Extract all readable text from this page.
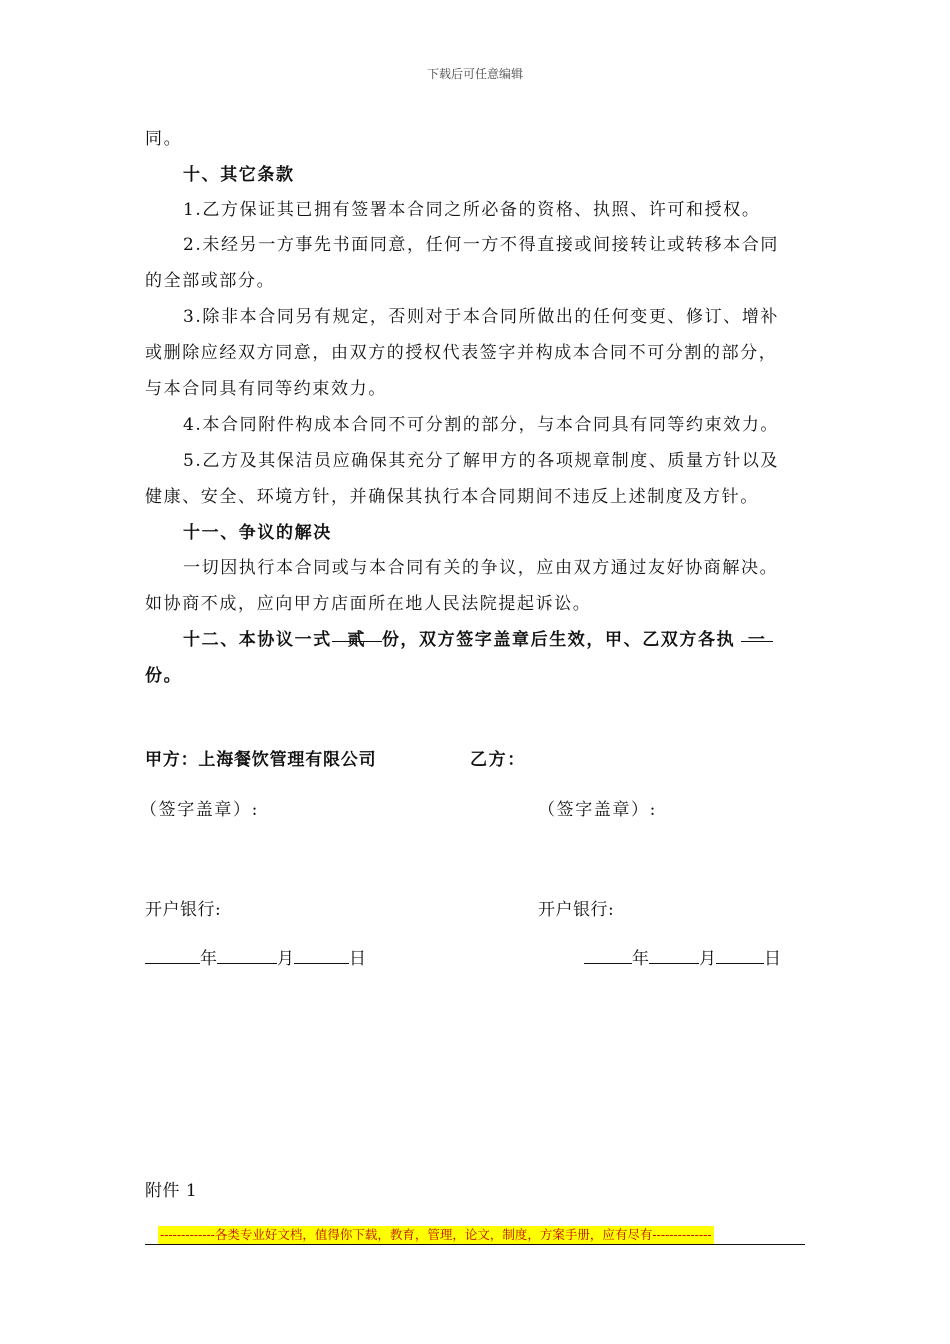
下载后可任意编辑
同。
十、其它条款
1.乙方保证其已拥有签署本合同之所必备的资格、执照、许可和授权。
2.未经另一方事先书面同意，任何一方不得直接或间接转让或转移本合同
的全部或部分。
3.除非本合同另有规定，否则对于本合同所做出的任何变更、修订、增补
或删除应经双方同意，由双方的授权代表签字并构成本合同不可分割的部分，
与本合同具有同等约束效力。
4.本合同附件构成本合同不可分割的部分，与本合同具有同等约束效力。
5.乙方及其保洁员应确保其充分了解甲方的各项规章制度、质量方针以及
健康、安全、环境方针，并确保其执行本合同期间不违反上述制度及方针。
十一、争议的解决
一切因执行本合同或与本合同有关的争议，应由双方通过友好协商解决。
如协商不成，应向甲方店面所在地人民法院提起诉讼。
十二、本协议一式 贰 份，双方签字盖章后生效，甲、乙双方各执 一
份。
甲方：上海餐饮管理有限公司	乙方：
（签字盖章）:	（签字盖章）:
开户银行:	开户银行:
年	月	日	年	月	日
附件 1
-------------各类专业好文档，值得你下载，教育，管理，论文，制度，方案手册，应有尽有--------------
